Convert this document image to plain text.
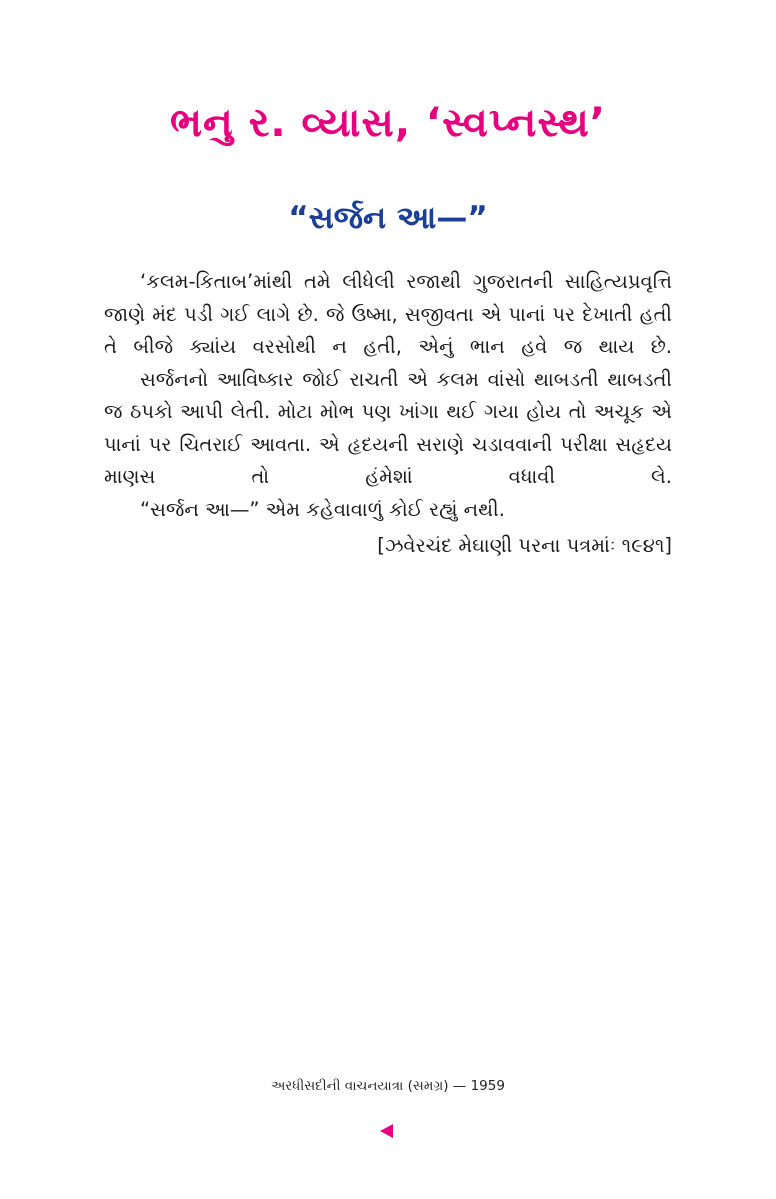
ભનુ ર. વ્યાસ, ‘સ્વપ્નસ્થ’
“સર્જન આ—”

‘કલમ-કિતાબ’માંથી તમે લીધેલી રજાથી ગુજરાતની સાહિત્યપ્રવૃત્તિ જાણે મંદ પડી ગઈ લાગે છે. જે ઉષ્મા, સજીવતા એ પાનાં પર દેખાતી હતી તે બીજે ક્યાંય વરસોથી ન હતી, એનું ભાન હવે જ થાય છે.

સર્જનનો આવિષ્કાર જોઈ રાચતી એ કલમ વાંસો થાબડતી થાબડતી જ ઠપકો આપી લેતી. મોટા મોભ પણ ખાંગા થઈ ગયા હોય તો અચૂક એ પાનાં પર ચિતરાઈ આવતા. એ હૃદયની સરાણે ચડાવવાની પરીક્ષા સહૃદય માણસ તો હંમેશાં વધાવી લે.

“સર્જન આ—” એમ કહેવાવાળું કોઈ રહ્યું નથી.

[ઝવેરચંદ મેઘાણી પરના પત્રમાંઃ ૧૯૪૧]
અરધીસદીની વાચનયાત્રા (સમગ્ર) — 1959
